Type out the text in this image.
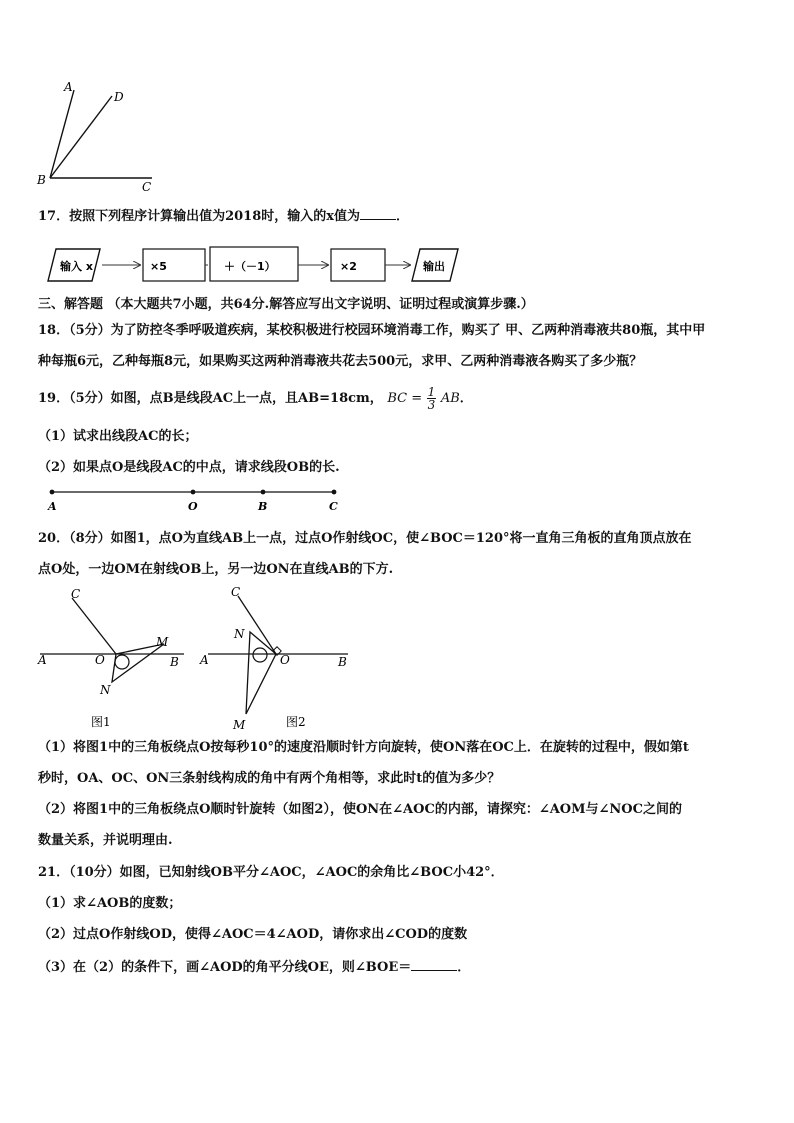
A
D
B	C
17．按照下列程序计算输出值为2018时，输入的x值为	．
输入 x	×5	＋（－1）	×2	输出
三、解答题 （本大题共7小题，共64分.解答应写出文字说明、证明过程或演算步骤.）
18．（5分）为了防控冬季呼吸道疾病，某校积极进行校园环境消毒工作，购买了 甲、乙两种消毒液共80瓶，其中甲
种每瓶6元，乙种每瓶8元，如果购买这两种消毒液共花去500元，求甲、乙两种消毒液各购买了多少瓶？
19．（5分）如图，点B是线段AC上一点，且AB=18cm， BC = $\frac{1}{3}$ AB．
（1）试求出线段AC的长；
（2）如果点O是线段AC的中点，请求线段OB的长.
A	O	B	C
20．（8分）如图1，点O为直线AB上一点，过点O作射线OC，使∠BOC＝120°将一直角三角板的直角顶点放在
点O处，一边OM在射线OB上，另一边ON在直线AB的下方.
C
M
A	O	B
N
图1
C
N
A	O	B
M	图2
（1）将图1中的三角板绕点O按每秒10°的速度沿顺时针方向旋转，使ON落在OC上．在旋转的过程中，假如第t
秒时，OA、OC、ON三条射线构成的角中有两个角相等，求此时t的值为多少？
（2）将图1中的三角板绕点O顺时针旋转（如图2），使ON在∠AOC的内部，请探究：∠AOM与∠NOC之间的
数量关系，并说明理由.
21．（10分）如图，已知射线OB平分∠AOC，∠AOC的余角比∠BOC小42°．
（1）求∠AOB的度数；
（2）过点O作射线OD，使得∠AOC＝4∠AOD，请你求出∠COD的度数
（3）在（2）的条件下，画∠AOD的角平分线OE，则∠BOE＝	．
